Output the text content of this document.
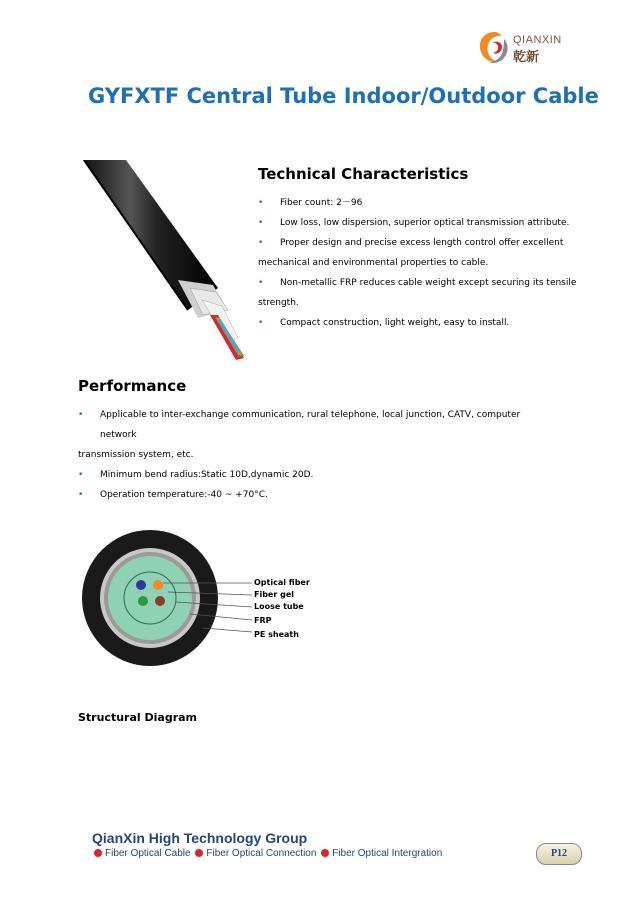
QIANXIN
乾新
GYFXTF Central Tube Indoor/Outdoor Cable
Technical Characteristics
• Fiber count: 2－96
• Low loss, low dispersion, superior optical transmission attribute.
• Proper design and precise excess length control offer excellent
mechanical and environmental properties to cable.
• Non-metallic FRP reduces cable weight except securing its tensile
strength.
• Compact construction, light weight, easy to install.
Performance
• Applicable to inter-exchange communication, rural telephone, local junction, CATV, computer network
transmission system, etc.
• Minimum bend radius:Static 10D,dynamic 20D.
• Operation temperature:-40 ~ +70°C.
Optical fiber
Fiber gel
Loose tube
FRP
PE sheath
Structural Diagram
QianXin High Technology Group
Fiber Optical Cable Fiber Optical Connection Fiber Optical Intergration	P12
